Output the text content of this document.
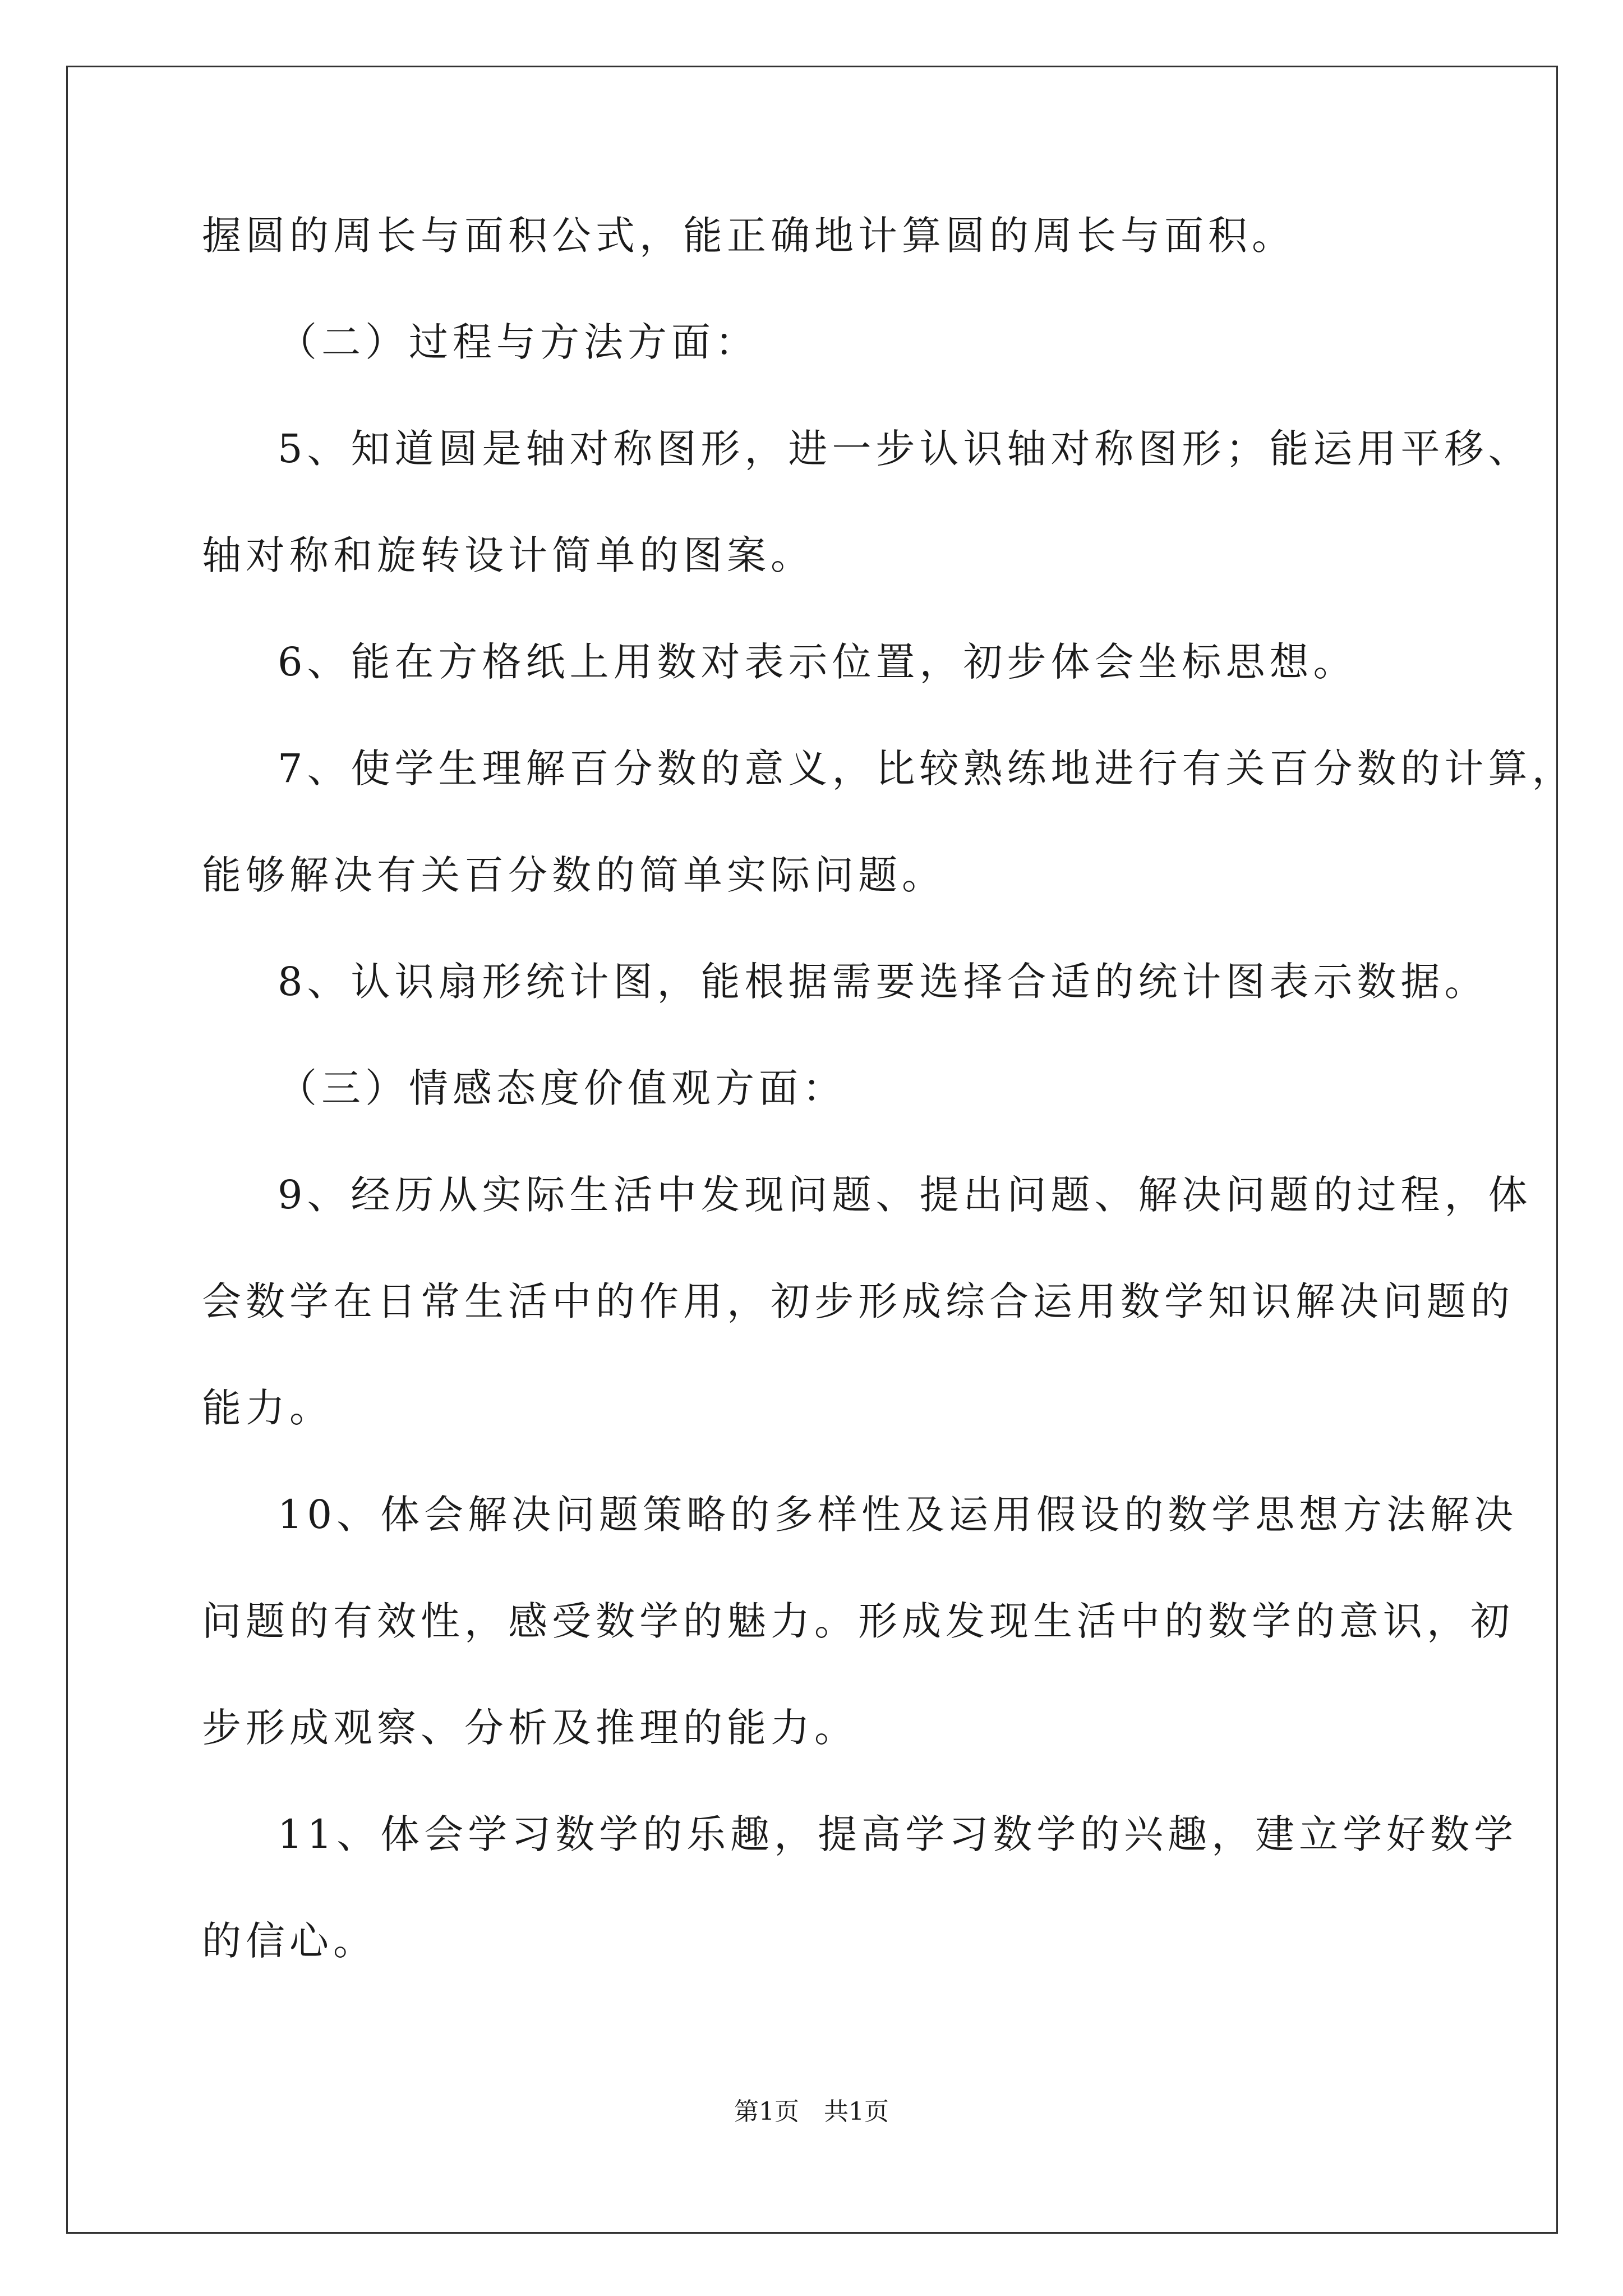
握圆的周长与面积公式，能正确地计算圆的周长与面积。
（二）过程与方法方面：
5、知道圆是轴对称图形，进一步认识轴对称图形；能运用平移、
轴对称和旋转设计简单的图案。
6、能在方格纸上用数对表示位置，初步体会坐标思想。
7、使学生理解百分数的意义，比较熟练地进行有关百分数的计算，
能够解决有关百分数的简单实际问题。
8、认识扇形统计图，能根据需要选择合适的统计图表示数据。
（三）情感态度价值观方面：
9、经历从实际生活中发现问题、提出问题、解决问题的过程，体
会数学在日常生活中的作用，初步形成综合运用数学知识解决问题的
能力。
10、体会解决问题策略的多样性及运用假设的数学思想方法解决
问题的有效性，感受数学的魅力。形成发现生活中的数学的意识，初
步形成观察、分析及推理的能力。
11、体会学习数学的乐趣，提高学习数学的兴趣，建立学好数学
的信心。
第1页　共1页
